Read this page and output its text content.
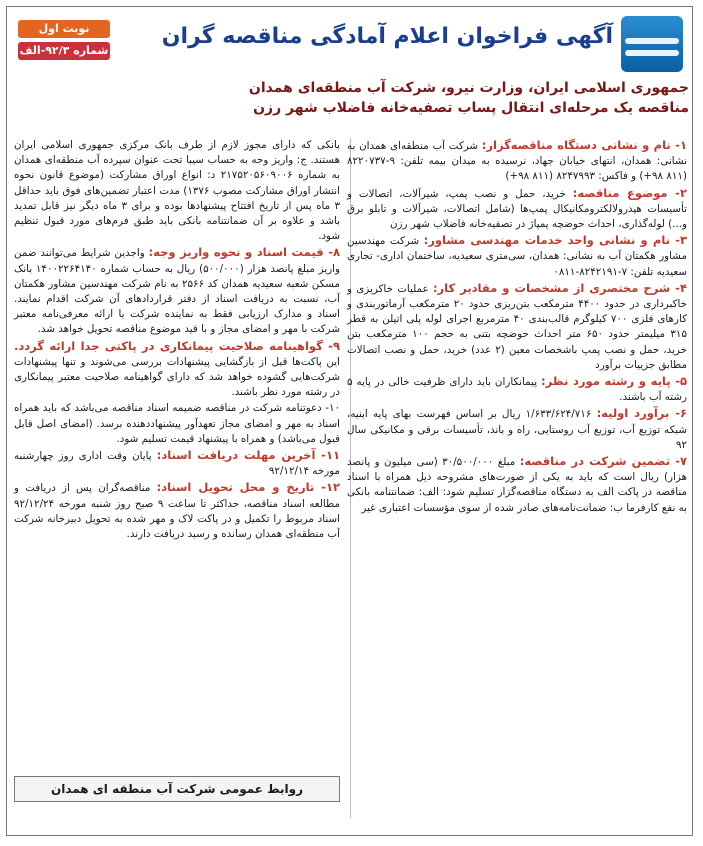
آگهی فراخوان اعلام آمادگی مناقصه گران
نوبت اول
شماره ۹۲/۳-الف
جمهوری اسلامی ایران، وزارت نیرو، شرکت آب منطقه‌ای همدان
مناقصه یک مرحله‌ای انتقال پساب تصفیه‌خانه فاضلاب شهر رزن

۱- نام و نشانی دستگاه مناقصه‌گزار: شرکت آب منطقه‌ای همدان به نشانی: همدان، انتهای خیابان جهاد، نرسیده به میدان بیمه تلفن: ۹-۸۲۲۰۷۳۷ (۸۱۱ ۹۸+) و فاکس: ۸۲۴۷۹۹۳ (۸۱۱ ۹۸+)

۲- موضوع مناقصه: خرید، حمل و نصب پمپ، شیرآلات، اتصالات و تأسیسات هیدرولالکترومکانیکال پمپ‌ها (شامل اتصالات، شیرآلات و تابلو برق و...) لوله‌گذاری، احداث حوضچه پمپاژ در تصفیه‌خانه فاضلاب شهر رزن

۳- نام و نشانی واحد خدمات مهندسی مشاور: شرکت مهندسین مشاور هکمتان آب به نشانی: همدان، سی‌متری سعیدیه، ساختمان اداری- تجاری سعیدیه تلفن: ۷-۸۲۴۲۱۹۱-۰۸۱۱

۴- شرح مختصری از مشخصات و مقادیر کار: عملیات خاکریزی و خاکبرداری در حدود ۴۴۰۰ مترمکعب بتن‌ریزی حدود ۲۰ مترمکعب آرماتوربندی و کارهای فلزی ۷۰۰ کیلوگرم قالب‌بندی ۴۰ مترمربع اجرای لوله پلی اتیلن به قطر ۳۱۵ میلیمتر حدود ۶۵۰ متر احداث حوضچه بتنی به حجم ۱۰۰ مترمکعب بتن خرید، حمل و نصب پمپ باشخصات معین (۲ عدد) خرید، حمل و نصب اتصالات مطابق جزییات برآورد

۵- پایه و رشته مورد نظر: پیمانکاران باید دارای ظرفیت خالی در پایه ۵ رشته آب باشند.

۶- برآورد اولیه: ۱/۶۳۳/۶۲۴/۷۱۶ ریال بر اساس فهرست بهای پایه ابنیه، شبکه توزیع آب، توزیع آب روستایی، راه و باند، تأسیسات برقی و مکانیکی سال ۹۲

۷- تضمین شرکت در مناقصه: مبلغ ۳۰/۵۰۰/۰۰۰ (سی میلیون و پانصد هزار) ریال است که باید به یکی از صورت‌های مشروحه ذیل همراه با اسناد مناقصه در پاکت الف به دستگاه مناقصه‌گزار تسلیم شود: الف: ضمانتنامه بانکی به نفع کارفرما ب: ضمانت‌نامه‌های صادر شده از سوی مؤسسات اعتباری غیر

بانکی که دارای مجوز لازم از طرف بانک مرکزی جمهوری اسلامی ایران هستند. ج: واریز وجه به حساب سیبا تحت عنوان سپرده آب منطقه‌ای همدان به شماره ۲۱۷۵۲۰۵۶۰۹۰۰۶ د: انواع اوراق مشارکت (موضوع قانون نحوه انتشار اوراق مشارکت مصوب ۱۳۷۶) مدت اعتبار تضمین‌های فوق باید حداقل ۳ ماه پس از تاریخ افتتاح پیشنهادها بوده و برای ۳ ماه دیگر نیز قابل تمدید باشد و علاوه بر آن ضمانتنامه بانکی باید طبق فرم‌های مورد قبول تنظیم شود.

۸- قیمت اسناد و نحوه واریز وجه: واجدین شرایط می‌توانند ضمن واریز مبلغ پانصد هزار (۵۰۰/۰۰۰) ریال به حساب شماره ۱۴۰۰۲۲۶۴۱۴۰ بانک مسکن شعبه سعیدیه همدان کد ۲۵۶۶ به نام شرکت مهندسین مشاور هکمتان آب، نسبت به دریافت اسناد از دفتر قراردادهای آن شرکت اقدام نمایند. اسناد و مدارک ارزیابی فقط به نماینده شرکت با ارائه معرفی‌نامه معتبر شرکت با مهر و امضای مجاز و با قید موضوع مناقصه تحویل خواهد شد.

۹- گواهینامه صلاحیت پیمانکاری در پاکتی جدا ارائه گردد. این پاکت‌ها قبل از بازگشایی پیشنهادات بررسی می‌شوند و تنها پیشنهادات شرکت‌هایی گشوده خواهد شد که دارای گواهینامه صلاحیت معتبر پیمانکاری در رشته مورد نظر باشند.

۱۰- دعوتنامه شرکت در مناقصه ضمیمه اسناد مناقصه می‌باشد که باید همراه اسناد به مهر و امضای مجاز تعهدآور پیشنهاددهنده برسد. (امضای اصل قابل قبول می‌باشد) و همراه با پیشنهاد قیمت تسلیم شود.

۱۱- آخرین مهلت دریافت اسناد: پایان وقت اداری روز چهارشنبه مورخه ۹۲/۱۲/۱۴

۱۲- تاریخ و محل تحویل اسناد: مناقصه‌گران پس از دریافت و مطالعه اسناد مناقصه، حداکثر تا ساعت ۹ صبح روز شنبه مورخه ۹۲/۱۲/۲۴ اسناد مربوط را تکمیل و در پاکت لاک و مهر شده به تحویل دبیرخانه شرکت آب منطقه‌ای همدان رسانده و رسید دریافت دارند.

روابط عمومی شرکت آب منطقه ای همدان
